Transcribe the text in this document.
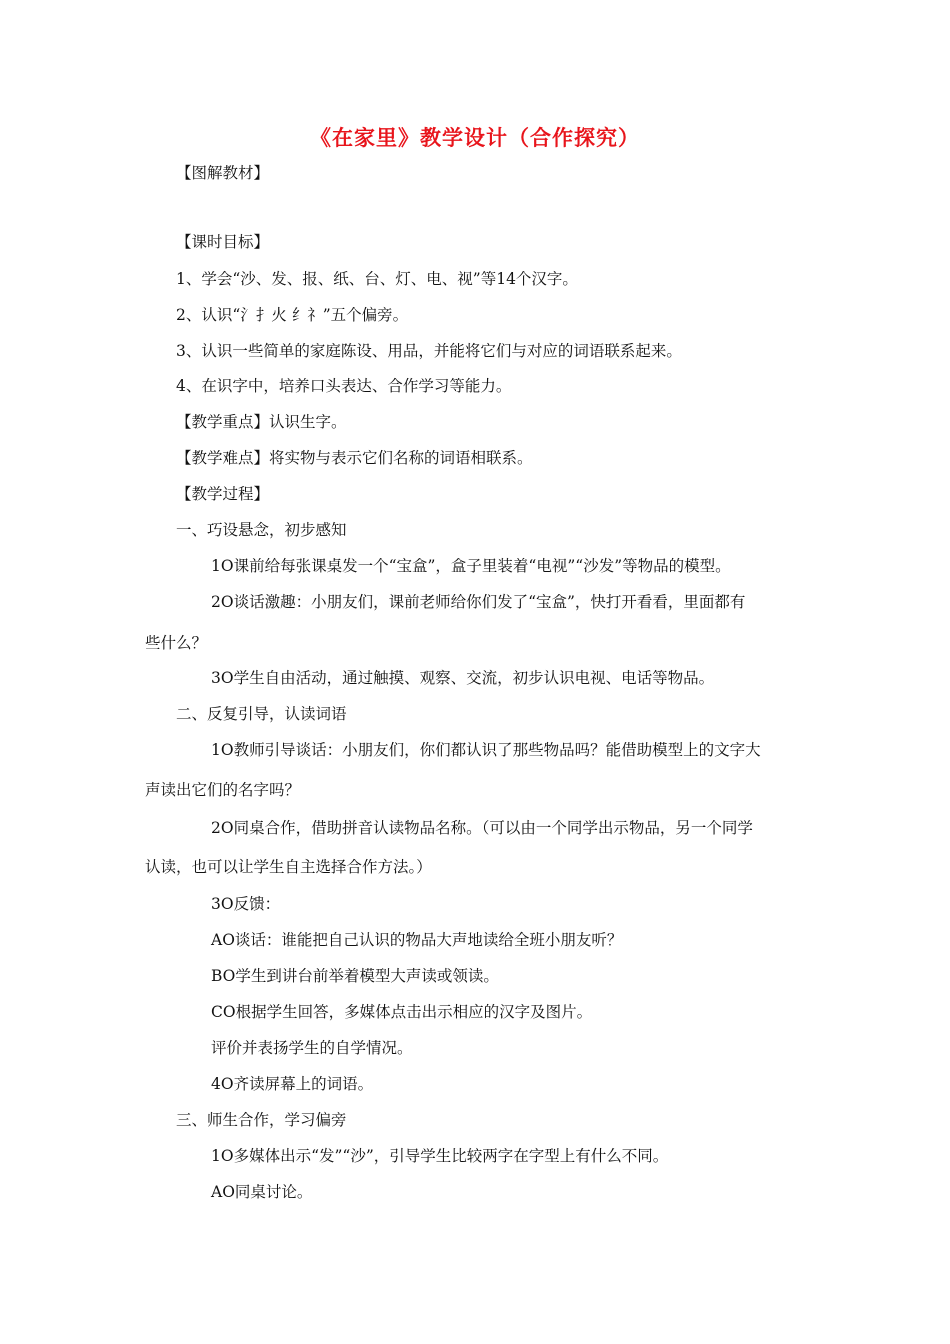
《在家里》教学设计（合作探究）
【图解教材】
【课时目标】
1、学会“沙、发、报、纸、台、灯、电、视”等14个汉字。
2、认识“氵扌火 纟礻”五个偏旁。
3、认识一些简单的家庭陈设、用品，并能将它们与对应的词语联系起来。
4、在识字中，培养口头表达、合作学习等能力。
【教学重点】认识生字。
【教学难点】将实物与表示它们名称的词语相联系。
【教学过程】
一、巧设悬念，初步感知
1O课前给每张课桌发一个“宝盒”，盒子里装着“电视”“沙发”等物品的模型。
2O谈话激趣：小朋友们，课前老师给你们发了“宝盒”，快打开看看，里面都有
些什么？
3O学生自由活动，通过触摸、观察、交流，初步认识电视、电话等物品。
二、反复引导，认读词语
1O教师引导谈话：小朋友们，你们都认识了那些物品吗？能借助模型上的文字大
声读出它们的名字吗？
2O同桌合作，借助拼音认读物品名称。（可以由一个同学出示物品，另一个同学
认读，也可以让学生自主选择合作方法。）
3O反馈：
AO谈话：谁能把自己认识的物品大声地读给全班小朋友听？
BO学生到讲台前举着模型大声读或领读。
CO根据学生回答，多媒体点击出示相应的汉字及图片。
评价并表扬学生的自学情况。
4O齐读屏幕上的词语。
三、师生合作，学习偏旁
1O多媒体出示“发”“沙”，引导学生比较两字在字型上有什么不同。
AO同桌讨论。
